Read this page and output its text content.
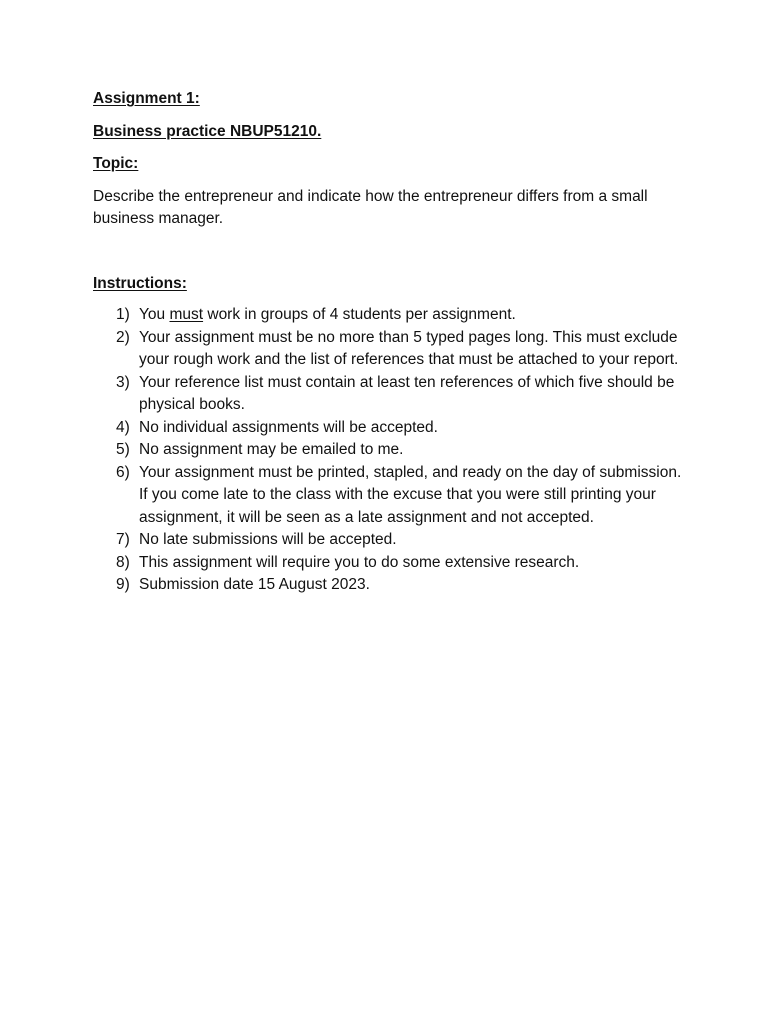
Assignment 1:
Business practice NBUP51210.
Topic:
Describe the entrepreneur and indicate how the entrepreneur differs from a small business manager.
Instructions:
1) You must work in groups of 4 students per assignment.
2) Your assignment must be no more than 5 typed pages long. This must exclude your rough work and the list of references that must be attached to your report.
3) Your reference list must contain at least ten references of which five should be physical books.
4) No individual assignments will be accepted.
5) No assignment may be emailed to me.
6) Your assignment must be printed, stapled, and ready on the day of submission. If you come late to the class with the excuse that you were still printing your assignment, it will be seen as a late assignment and not accepted.
7) No late submissions will be accepted.
8) This assignment will require you to do some extensive research.
9) Submission date 15 August 2023.
